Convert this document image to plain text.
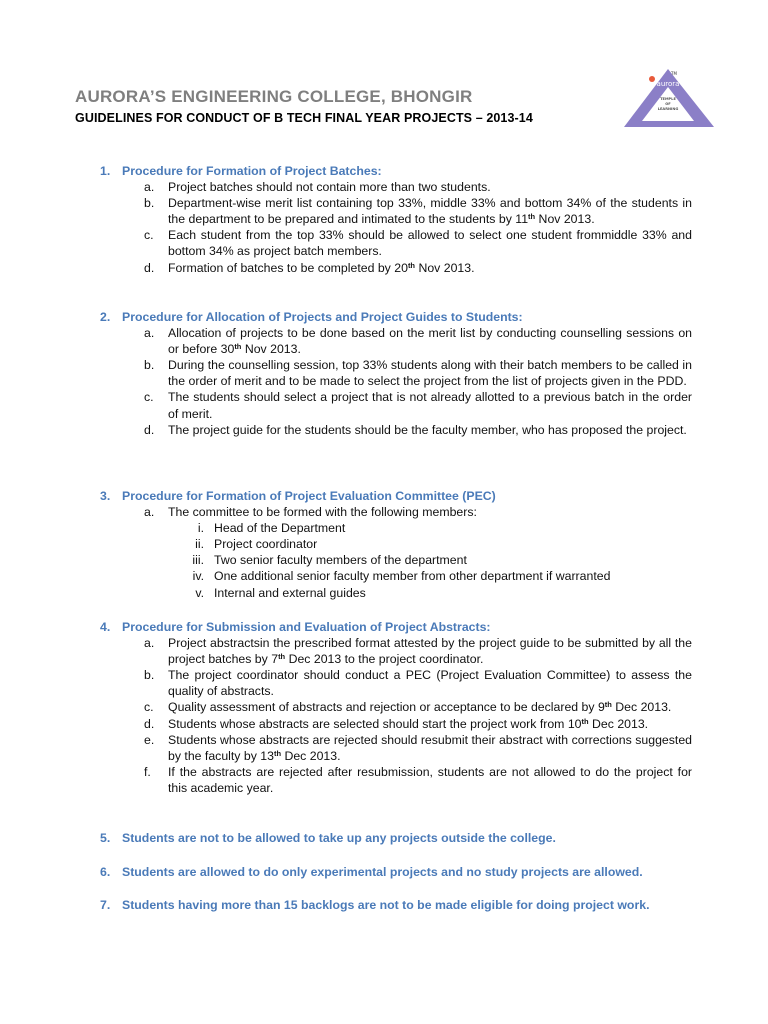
AURORA’S ENGINEERING COLLEGE, BHONGIR
GUIDELINES FOR CONDUCT OF B TECH FINAL YEAR PROJECTS – 2013-14
TM
aurora
TEMPLE
OF
LEARNING
1. Procedure for Formation of Project Batches:
a. Project batches should not contain more than two students.
b. Department-wise merit list containing top 33%, middle 33% and bottom 34% of the students in the department to be prepared and intimated to the students by 11th Nov 2013.
c. Each student from the top 33% should be allowed to select one student frommiddle 33% and bottom 34% as project batch members.
d. Formation of batches to be completed by 20th Nov 2013.
2. Procedure for Allocation of Projects and Project Guides to Students:
a. Allocation of projects to be done based on the merit list by conducting counselling sessions on or before 30th Nov 2013.
b. During the counselling session, top 33% students along with their batch members to be called in the order of merit and to be made to select the project from the list of projects given in the PDD.
c. The students should select a project that is not already allotted to a previous batch in the order of merit.
d. The project guide for the students should be the faculty member, who has proposed the project.
3. Procedure for Formation of Project Evaluation Committee (PEC)
a. The committee to be formed with the following members:
i. Head of the Department
ii. Project coordinator
iii. Two senior faculty members of the department
iv. One additional senior faculty member from other department if warranted
v. Internal and external guides
4. Procedure for Submission and Evaluation of Project Abstracts:
a. Project abstractsin the prescribed format attested by the project guide to be submitted by all the project batches by 7th Dec 2013 to the project coordinator.
b. The project coordinator should conduct a PEC (Project Evaluation Committee) to assess the quality of abstracts.
c. Quality assessment of abstracts and rejection or acceptance to be declared by 9th Dec 2013.
d. Students whose abstracts are selected should start the project work from 10th Dec 2013.
e. Students whose abstracts are rejected should resubmit their abstract with corrections suggested by the faculty by 13th Dec 2013.
f. If the abstracts are rejected after resubmission, students are not allowed to do the project for this academic year.
5. Students are not to be allowed to take up any projects outside the college.
6. Students are allowed to do only experimental projects and no study projects are allowed.
7. Students having more than 15 backlogs are not to be made eligible for doing project work.
